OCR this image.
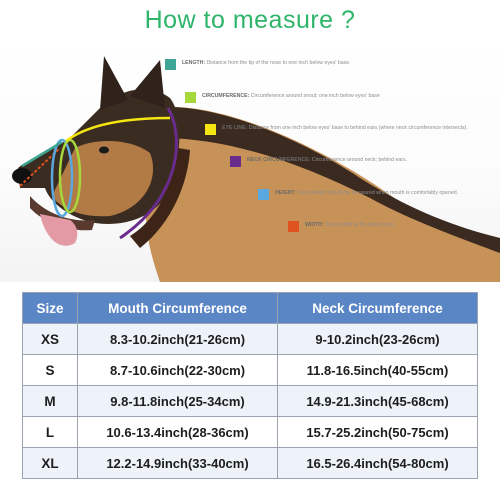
How to measure ?
LENGTH: Distance from the tip of the nose to one inch below eyes' base.
CIRCUMFERENCE: Circumference around snout; one inch below eyes' base
EYE LINE: Distance from one inch below eyes' base to behind ears (where neck circumference intersects).
NECK CIRCUMFERENCE: Circumference around neck; behind ears.
HEIGHT: Snout height should be measured when mouth is comfortably opened.
WIDTH: Snout width at the widest part.
Size	Mouth Circumference	Neck Circumference
XS	8.3-10.2inch(21-26cm)	9-10.2inch(23-26cm)
S	8.7-10.6inch(22-30cm)	11.8-16.5inch(40-55cm)
M	9.8-11.8inch(25-34cm)	14.9-21.3inch(45-68cm)
L	10.6-13.4inch(28-36cm)	15.7-25.2inch(50-75cm)
XL	12.2-14.9inch(33-40cm)	16.5-26.4inch(54-80cm)
